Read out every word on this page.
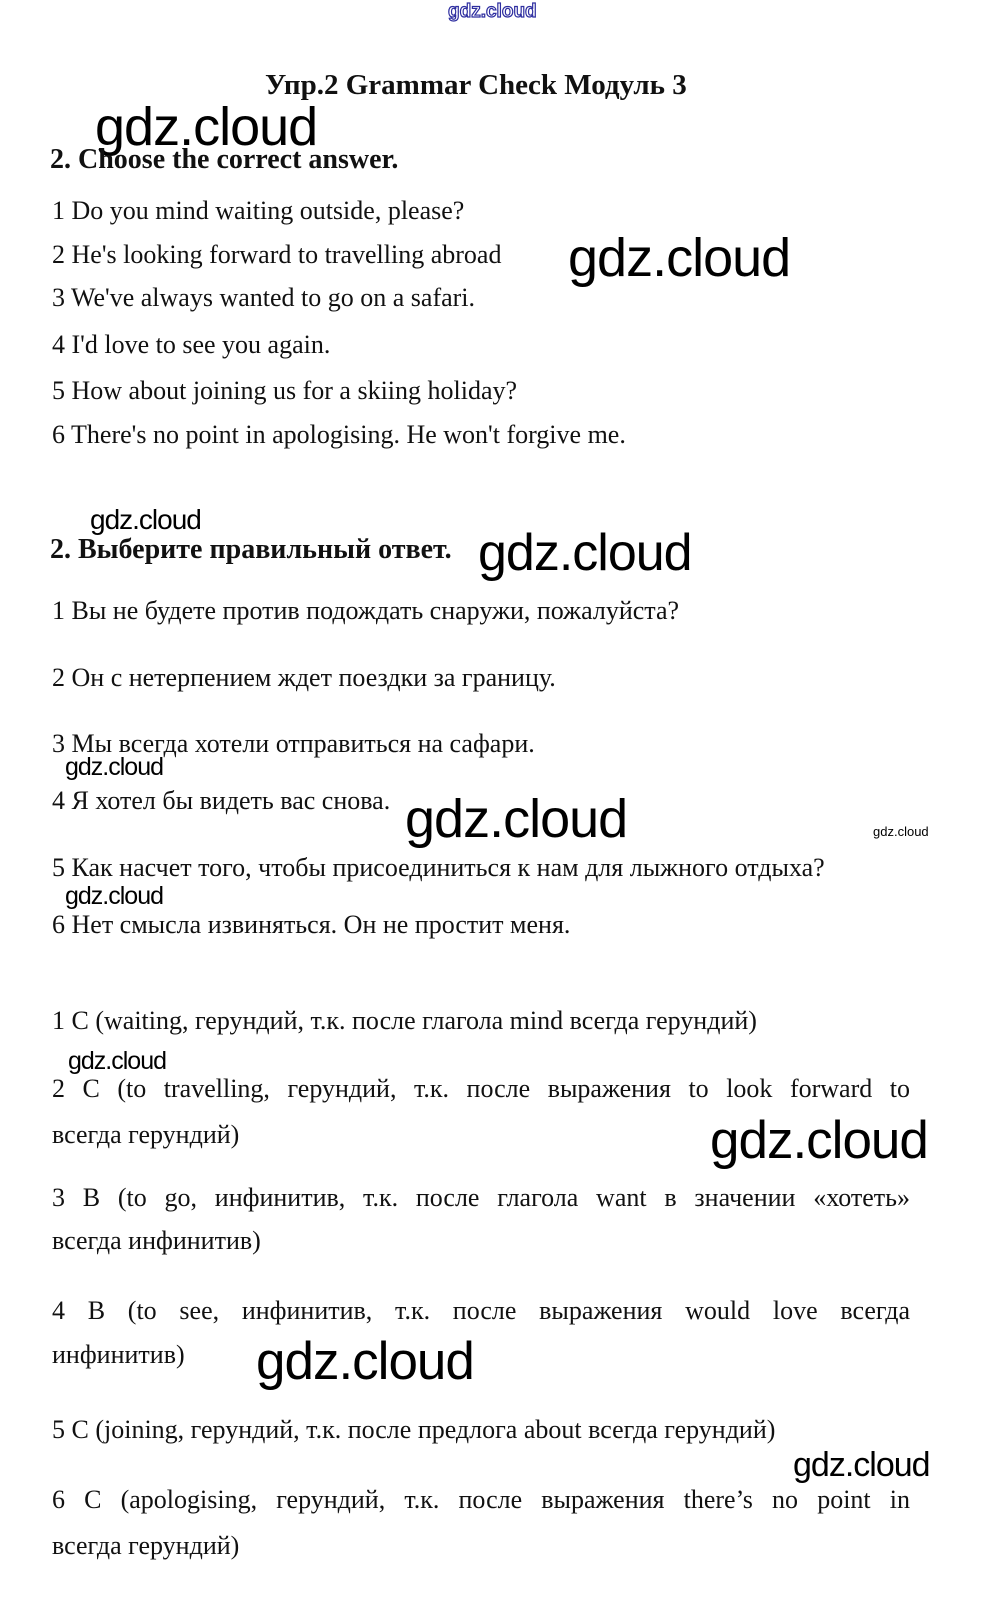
gdz.cloud
Упр.2 Grammar Check Модуль 3
gdz.cloud
2. Choose the correct answer.
1 Do you mind waiting outside, please?
2 He's looking forward to travelling abroad gdz.cloud
3 We've always wanted to go on a safari.
4 I'd love to see you again.
5 How about joining us for a skiing holiday?
6 There's no point in apologising. He won't forgive me.
gdz.cloud
2. Выберите правильный ответ. gdz.cloud
1 Вы не будете против подождать снаружи, пожалуйста?
2 Он с нетерпением ждет поездки за границу.
3 Мы всегда хотели отправиться на сафари.
gdz.cloud
4 Я хотел бы видеть вас снова.
gdz.cloud
gdz.cloud
5 Как насчет того, чтобы присоединиться к нам для лыжного отдыха?
gdz.cloud
6 Нет смысла извиняться. Он не простит меня.
1 C (waiting, герундий, т.к. после глагола mind всегда герундий)
gdz.cloud
2 C (to travelling, герундий, т.к. после выражения to look forward to
всегда герундий)	gdz.cloud
3 B (to go, инфинитив, т.к. после глагола want в значении «хотеть»
всегда инфинитив)
4 B (to see, инфинитив, т.к. после выражения would love всегда
инфинитив) gdz.cloud
5 C (joining, герундий, т.к. после предлога about всегда герундий)
gdz.cloud
6 C (apologising, герундий, т.к. после выражения there’s no point in
всегда герундий)
